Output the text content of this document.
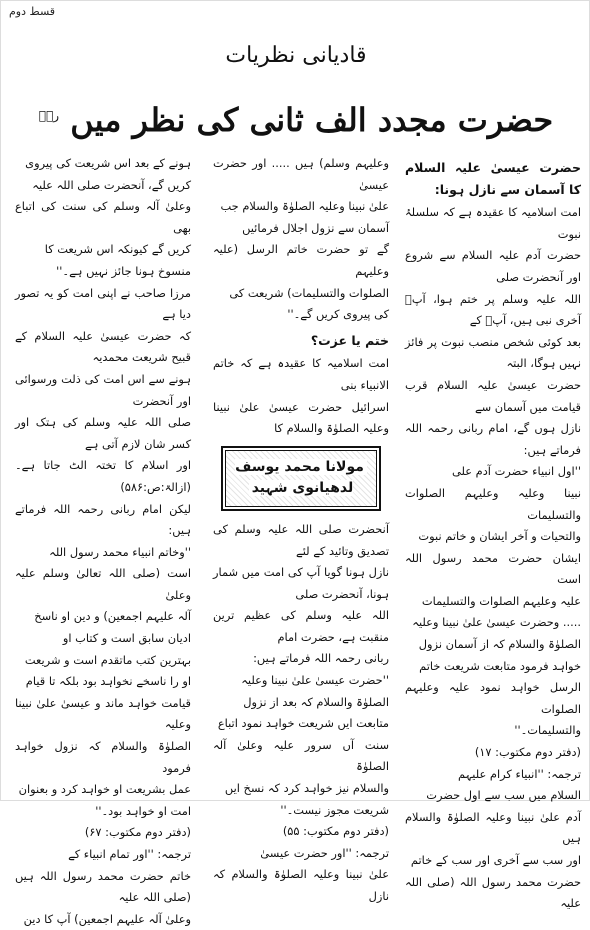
قسط دوم
قادیانی نظریات
حضرت مجدد الف ثانی کی نظر میں $^{رحؒ}$

حضرت عیسیٰ علیہ السلام کا آسمان سے نازل ہونا:

امت اسلامیہ کا عقیدہ ہے کہ سلسلۂ نبوت

حضرت آدم علیہ السلام سے شروع اور آنحضرت صلی

اللہ علیہ وسلم پر ختم ہوا، آپؐ آخری نبی ہیں، آپؐ کے

بعد کوئی شخص منصب نبوت پر فائز نہیں ہوگا، البتہ

حضرت عیسیٰ علیہ السلام قرب قیامت میں آسمان سے

نازل ہوں گے، امام ربانی رحمہ اللہ فرماتے ہیں:

''اول انبیاء حضرت آدم علی

نبینا وعلیہ وعلیہم الصلوات والتسلیمات

والتحیات و آخر ایشان و خاتم نبوت

ایشان حضرت محمد رسول اللہ است

علیہ وعلیہم الصلوات والتسلیمات

..... وحضرت عیسیٰ علیٰ نبینا وعلیہ

الصلوٰۃ والسلام کہ از آسمان نزول

خواہد فرمود متابعت شریعت خاتم

الرسل خواہد نمود علیہ وعلیہم الصلوات

والتسلیمات۔''

(دفتر دوم مکتوب: ۱۷)

ترجمہ: ''انبیاء کرام علیہم

السلام میں سب سے اول حضرت

آدم علیٰ نبینا وعلیہ الصلوٰۃ والسلام ہیں

اور سب سے آخری اور سب کے خاتم

حضرت محمد رسول اللہ (صلی اللہ علیہ

وعلیہم وسلم) ہیں ..... اور حضرت عیسیٰ

علیٰ نبینا وعلیہ الصلوٰۃ والسلام جب

آسمان سے نزول اجلال فرمائیں

گے تو حضرت خاتم الرسل (علیہ وعلیہم

الصلوات والتسلیمات) شریعت کی

کی پیروی کریں گے۔''

ختم یا عزت؟

امت اسلامیہ کا عقیدہ ہے کہ خاتم الانبیاء بنی

اسرائیل حضرت عیسیٰ علیٰ نبینا وعلیہ الصلوٰۃ والسلام کا

مولانا محمد یوسف لدھیانوی شہید

آنحضرت صلی اللہ علیہ وسلم کی تصدیق وتائید کے لئے

نازل ہونا گویا آپ کی امت میں شمار ہونا، آنحضرت صلی

اللہ علیہ وسلم کی عظیم ترین منقبت ہے، حضرت امام

ربانی رحمہ اللہ فرماتے ہیں:

''حضرت عیسیٰ علیٰ نبینا وعلیہ

الصلوٰۃ والسلام کہ بعد از نزول

متابعت ایں شریعت خواہد نمود اتباع

سنت آں سرور علیہ وعلیٰ آلہ الصلوٰۃ

والسلام نیز خواہد کرد کہ نسخ ایں

شریعت مجوز نیست۔''

(دفتر دوم مکتوب: ۵۵)

ترجمہ: ''اور حضرت عیسیٰ

علیٰ نبینا وعلیہ الصلوٰۃ والسلام کہ نازل

ہونے کے بعد اس شریعت کی پیروی

کریں گے، آنحضرت صلی اللہ علیہ

وعلیٰ آلہ وسلم کی سنت کی اتباع بھی

کریں گے کیونکہ اس شریعت کا

منسوخ ہونا جائز نہیں ہے۔''

مرزا صاحب نے اپنی امت کو یہ تصور دیا ہے

کہ حضرت عیسیٰ علیہ السلام کے قبیح شریعت محمدیہ

ہونے سے اس امت کی ذلت ورسوائی اور آنحضرت

صلی اللہ علیہ وسلم کی ہتک اور کسر شان لازم آتی ہے

اور اسلام کا تختہ الٹ جاتا ہے۔ (ازالۃ:ص:۵۸۶)

لیکن امام ربانی رحمہ اللہ فرماتے ہیں:

''وخاتم انبیاء محمد رسول اللہ

است (صلی اللہ تعالیٰ وسلم علیہ وعلیٰ

آلہ علیہم اجمعین) و دین او ناسخ

ادیان سابق است و کتاب او

بہترین کتب ماتقدم است و شریعت

او را ناسخے نخواہد بود بلکہ تا قیام

قیامت خواہد ماند و عیسیٰ علیٰ نبینا وعلیہ

الصلوٰۃ والسلام کہ نزول خواہد فرمود

عمل بشریعت او خواہد کرد و بعنوان

امت او خواہد بود۔''

(دفتر دوم مکتوب: ۶۷)

ترجمہ: ''اور تمام انبیاء کے

خاتم حضرت محمد رسول اللہ ہیں (صلی اللہ علیہ

وعلیٰ آلہ علیہم اجمعین) آپ کا دین
